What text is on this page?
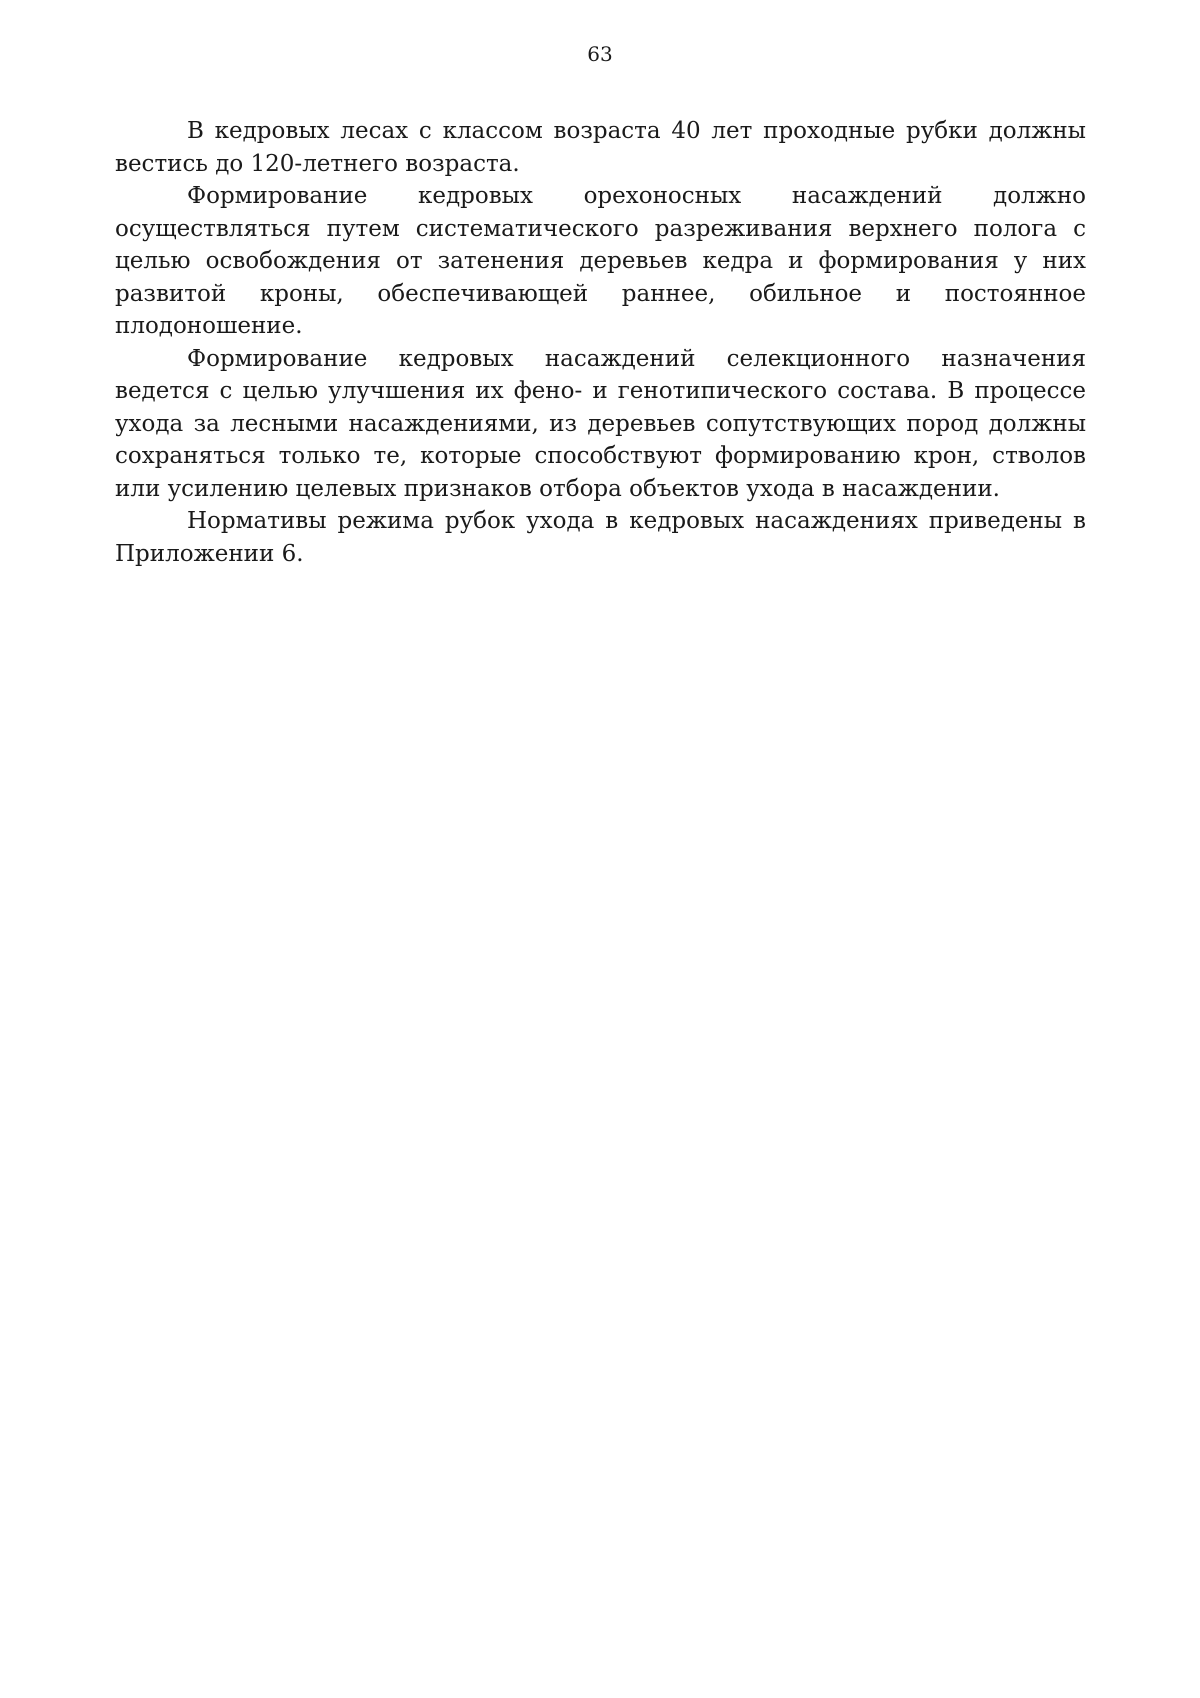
63

В кедровых лесах с классом возраста 40 лет проходные рубки должны вестись до 120-летнего возраста.

Формирование кедровых орехоносных насаждений должно осуществляться путем систематического разреживания верхнего полога с целью освобождения от затенения деревьев кедра и формирования у них развитой кроны, обеспечивающей раннее, обильное и постоянное плодоношение.

Формирование кедровых насаждений селекционного назначения ведется с целью улучшения их фено- и генотипического состава. В процессе ухода за лесными насаждениями, из деревьев сопутствующих пород должны сохраняться только те, которые способствуют формированию крон, стволов или усилению целевых признаков отбора объектов ухода в насаждении.

Нормативы режима рубок ухода в кедровых насаждениях приведены в Приложении 6.
